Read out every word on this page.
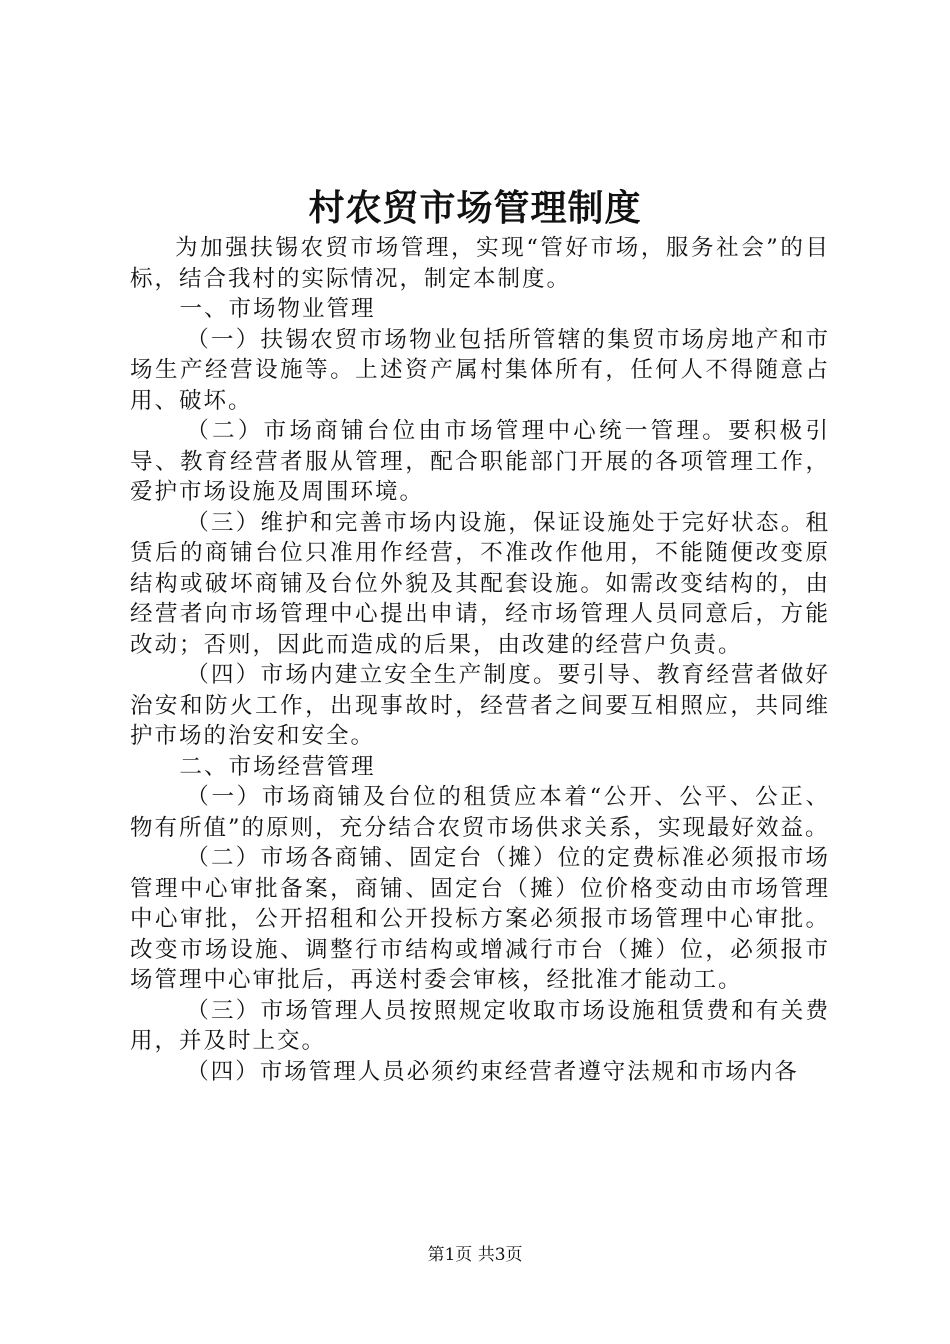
村农贸市场管理制度

为加强扶锡农贸市场管理，实现“管好市场，服务社会”的目标，结合我村的实际情况，制定本制度。

一、市场物业管理

（一）扶锡农贸市场物业包括所管辖的集贸市场房地产和市场生产经营设施等。上述资产属村集体所有，任何人不得随意占用、破坏。

（二）市场商铺台位由市场管理中心统一管理。要积极引导、教育经营者服从管理，配合职能部门开展的各项管理工作，爱护市场设施及周围环境。

（三）维护和完善市场内设施，保证设施处于完好状态。租赁后的商铺台位只准用作经营，不准改作他用，不能随便改变原结构或破坏商铺及台位外貌及其配套设施。如需改变结构的，由经营者向市场管理中心提出申请，经市场管理人员同意后，方能改动；否则，因此而造成的后果，由改建的经营户负责。

（四）市场内建立安全生产制度。要引导、教育经营者做好治安和防火工作，出现事故时，经营者之间要互相照应，共同维护市场的治安和安全。

二、市场经营管理

（一）市场商铺及台位的租赁应本着“公开、公平、公正、物有所值”的原则，充分结合农贸市场供求关系，实现最好效益。

（二）市场各商铺、固定台（摊）位的定费标准必须报市场管理中心审批备案，商铺、固定台（摊）位价格变动由市场管理中心审批，公开招租和公开投标方案必须报市场管理中心审批。改变市场设施、调整行市结构或增减行市台（摊）位，必须报市场管理中心审批后，再送村委会审核，经批准才能动工。

（三）市场管理人员按照规定收取市场设施租赁费和有关费用，并及时上交。

（四）市场管理人员必须约束经营者遵守法规和市场内各

第1页 共3页
